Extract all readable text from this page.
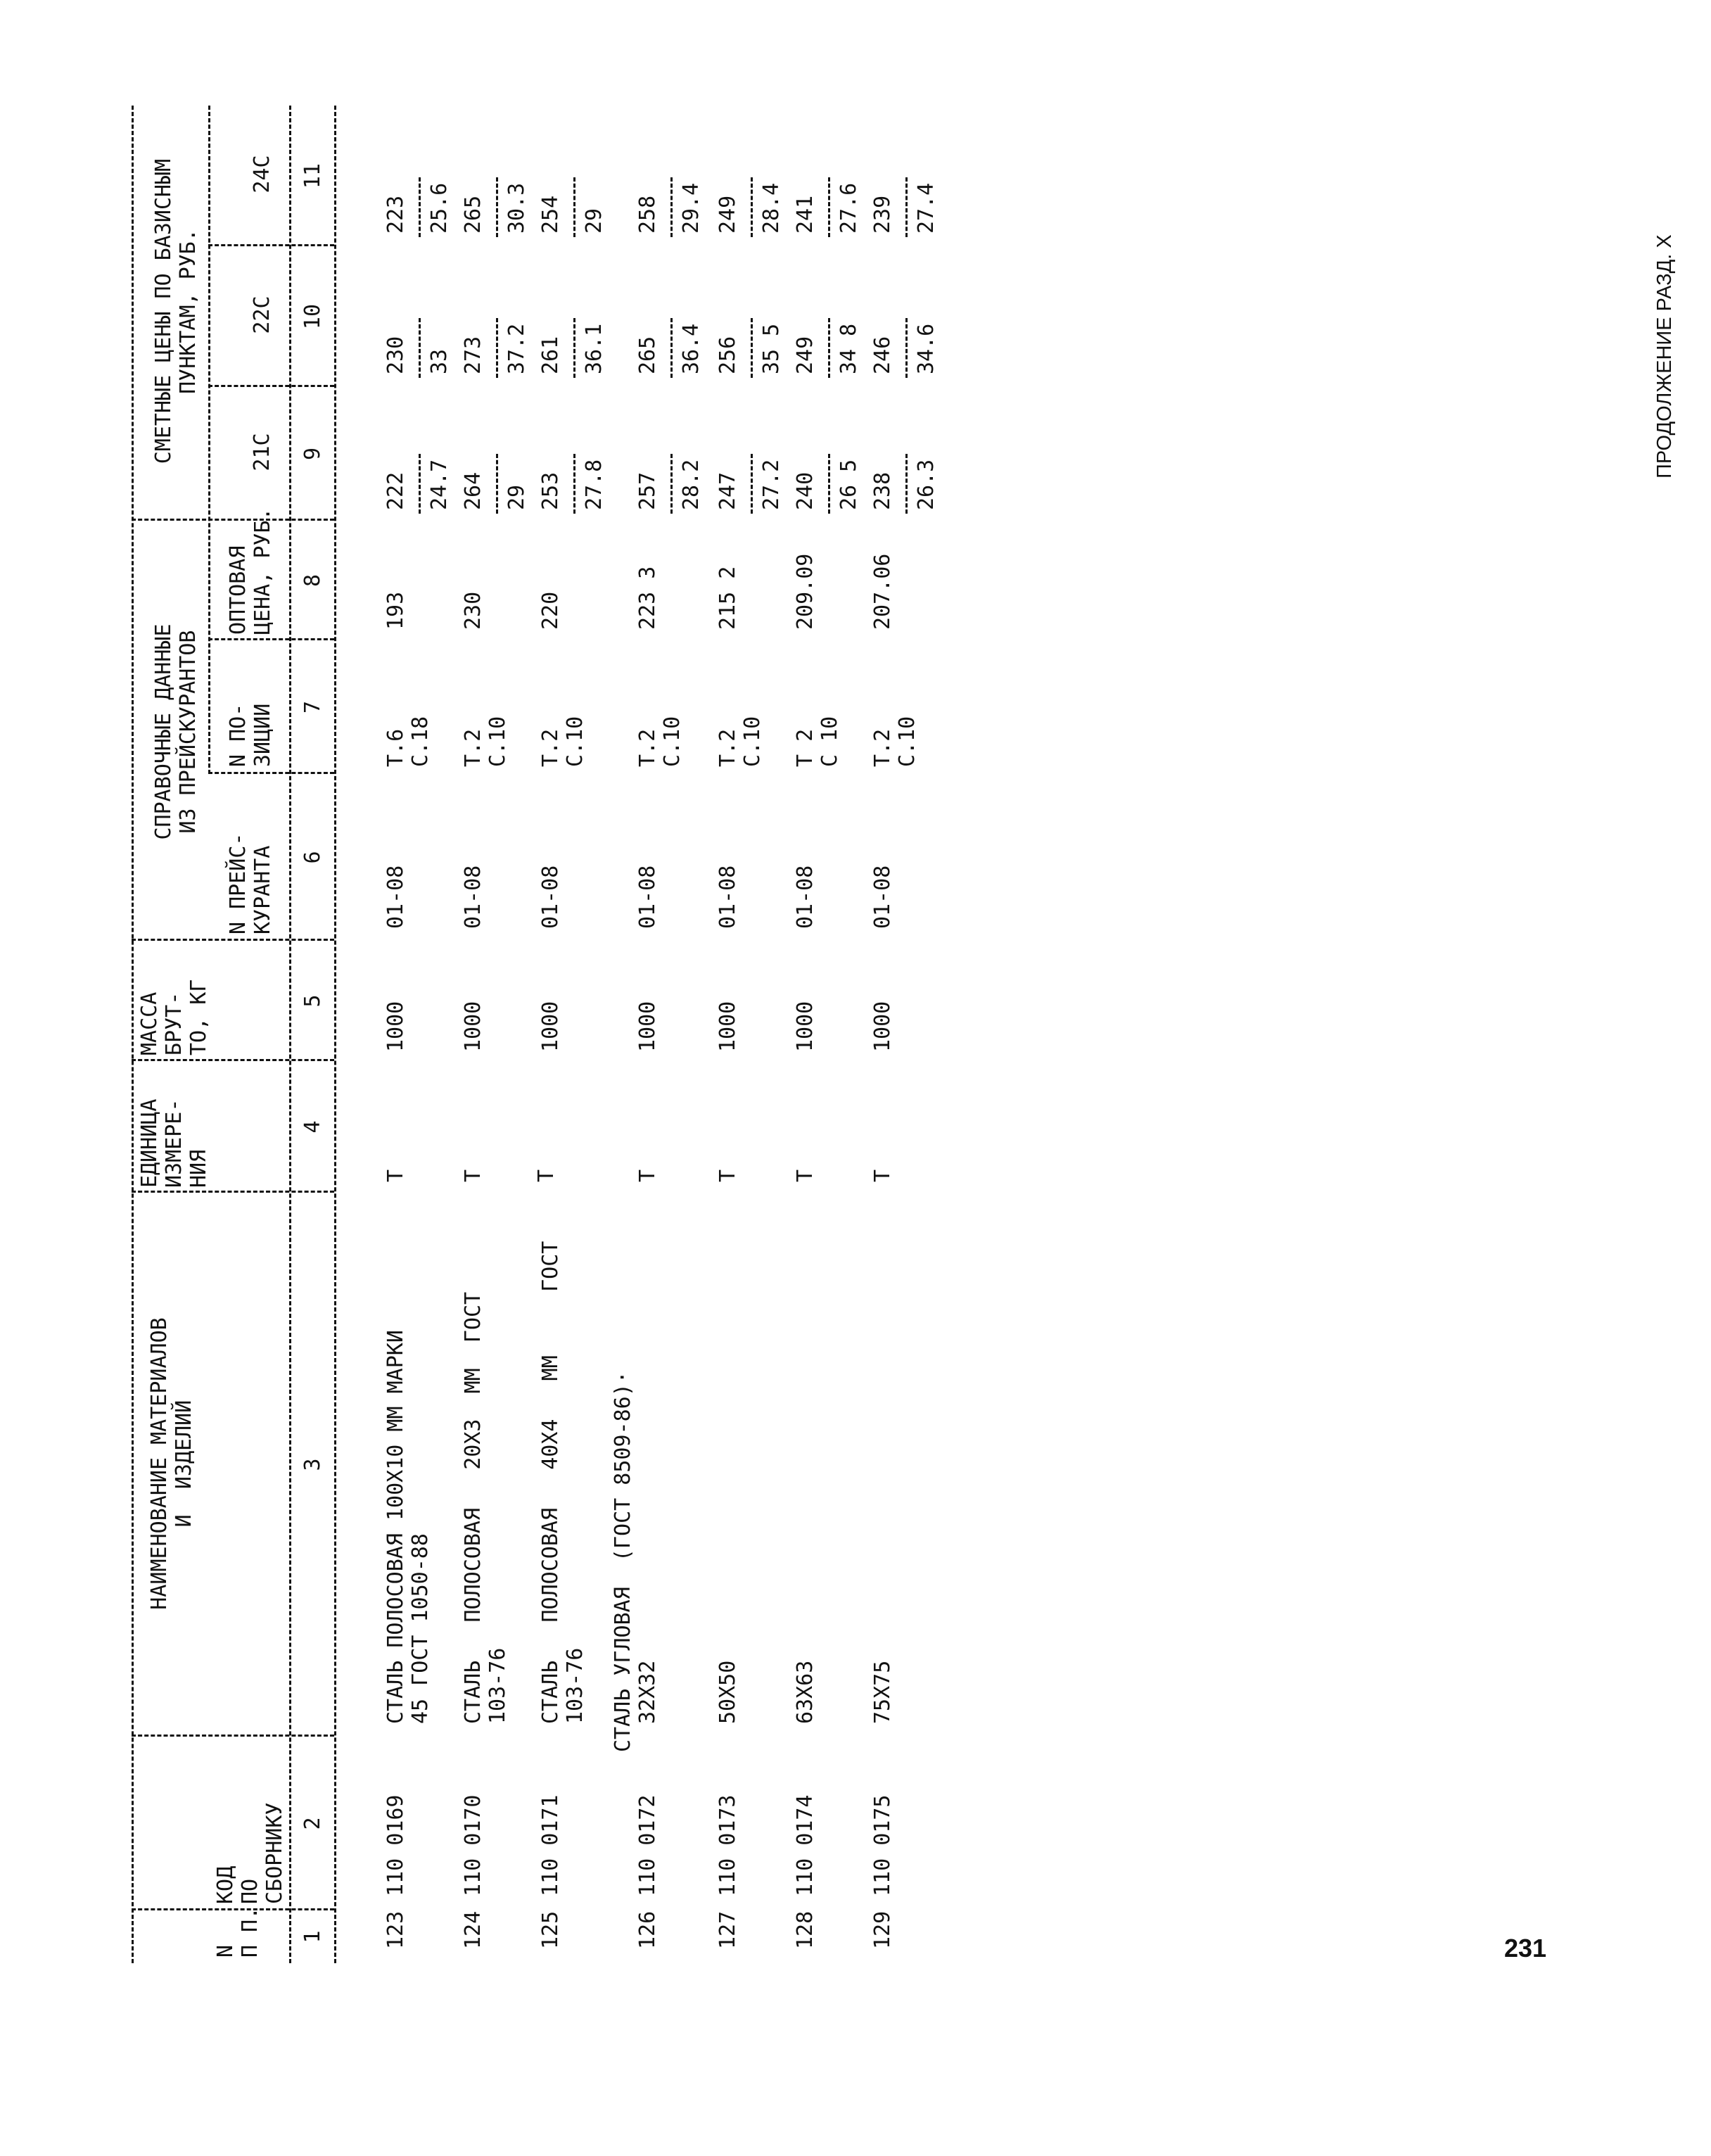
ПРОДОЛЖЕНИЕ РАЗД. Х
N
П П.
КОД
ПО
СБОРНИКУ
НАИМЕНОВАНИЕ МАТЕРИАЛОВ
И  ИЗДЕЛИЙ
ЕДИНИЦА
ИЗМЕРЕ-
НИЯ
МАССА
БРУТ-
ТО, КГ
СПРАВОЧНЫЕ ДАННЫЕ
ИЗ ПРЕЙСКУРАНТОВ
N ПРЕЙС-
КУРАНТА
N ПО-
ЗИЦИИ
ОПТОВАЯ
ЦЕНА, РУБ.
СМЕТНЫЕ ЦЕНЫ ПО БАЗИСНЫМ
ПУНКТАМ, РУБ.
21С
22С
24С
1
2
3
4
5
6
7
8
9
10
11
СТАЛЬ УГЛОВАЯ  (ГОСТ 8509-86)·
123
110 0169
СТАЛЬ ПОЛОСОВАЯ 100Х10 ММ МАРКИ
45 ГОСТ 1050-88
Т
1000
01-08
Т.6
С.18
193
222 24.7
230 33
223 25.6
124
110 0170
СТАЛЬ   ПОЛОСОВАЯ   20Х3  ММ  ГОСТ
103-76
Т
1000
01-08
Т.2
С.10
230
264 29
273 37.2
265 30.3
125
110 0171
СТАЛЬ   ПОЛОСОВАЯ   40Х4   ММ     ГОСТ
103-76
Т
1000
01-08
Т.2
С.10
220
253 27.8
261 36.1
254 29
126
110 0172
32Х32
Т
1000
01-08
Т.2
С.10
223 3
257 28.2
265 36.4
258 29.4
127
110 0173
50Х50
Т
1000
01-08
Т.2
С.10
215 2
247 27.2
256 35 5
249 28.4
128
110 0174
63Х63
Т
1000
01-08
Т 2
С 10
209.09
240 26 5
249 34 8
241 27.6
129
110 0175
75Х75
Т
1000
01-08
Т.2
С.10
207.06
238 26.3
246 34.6
239 27.4
231
